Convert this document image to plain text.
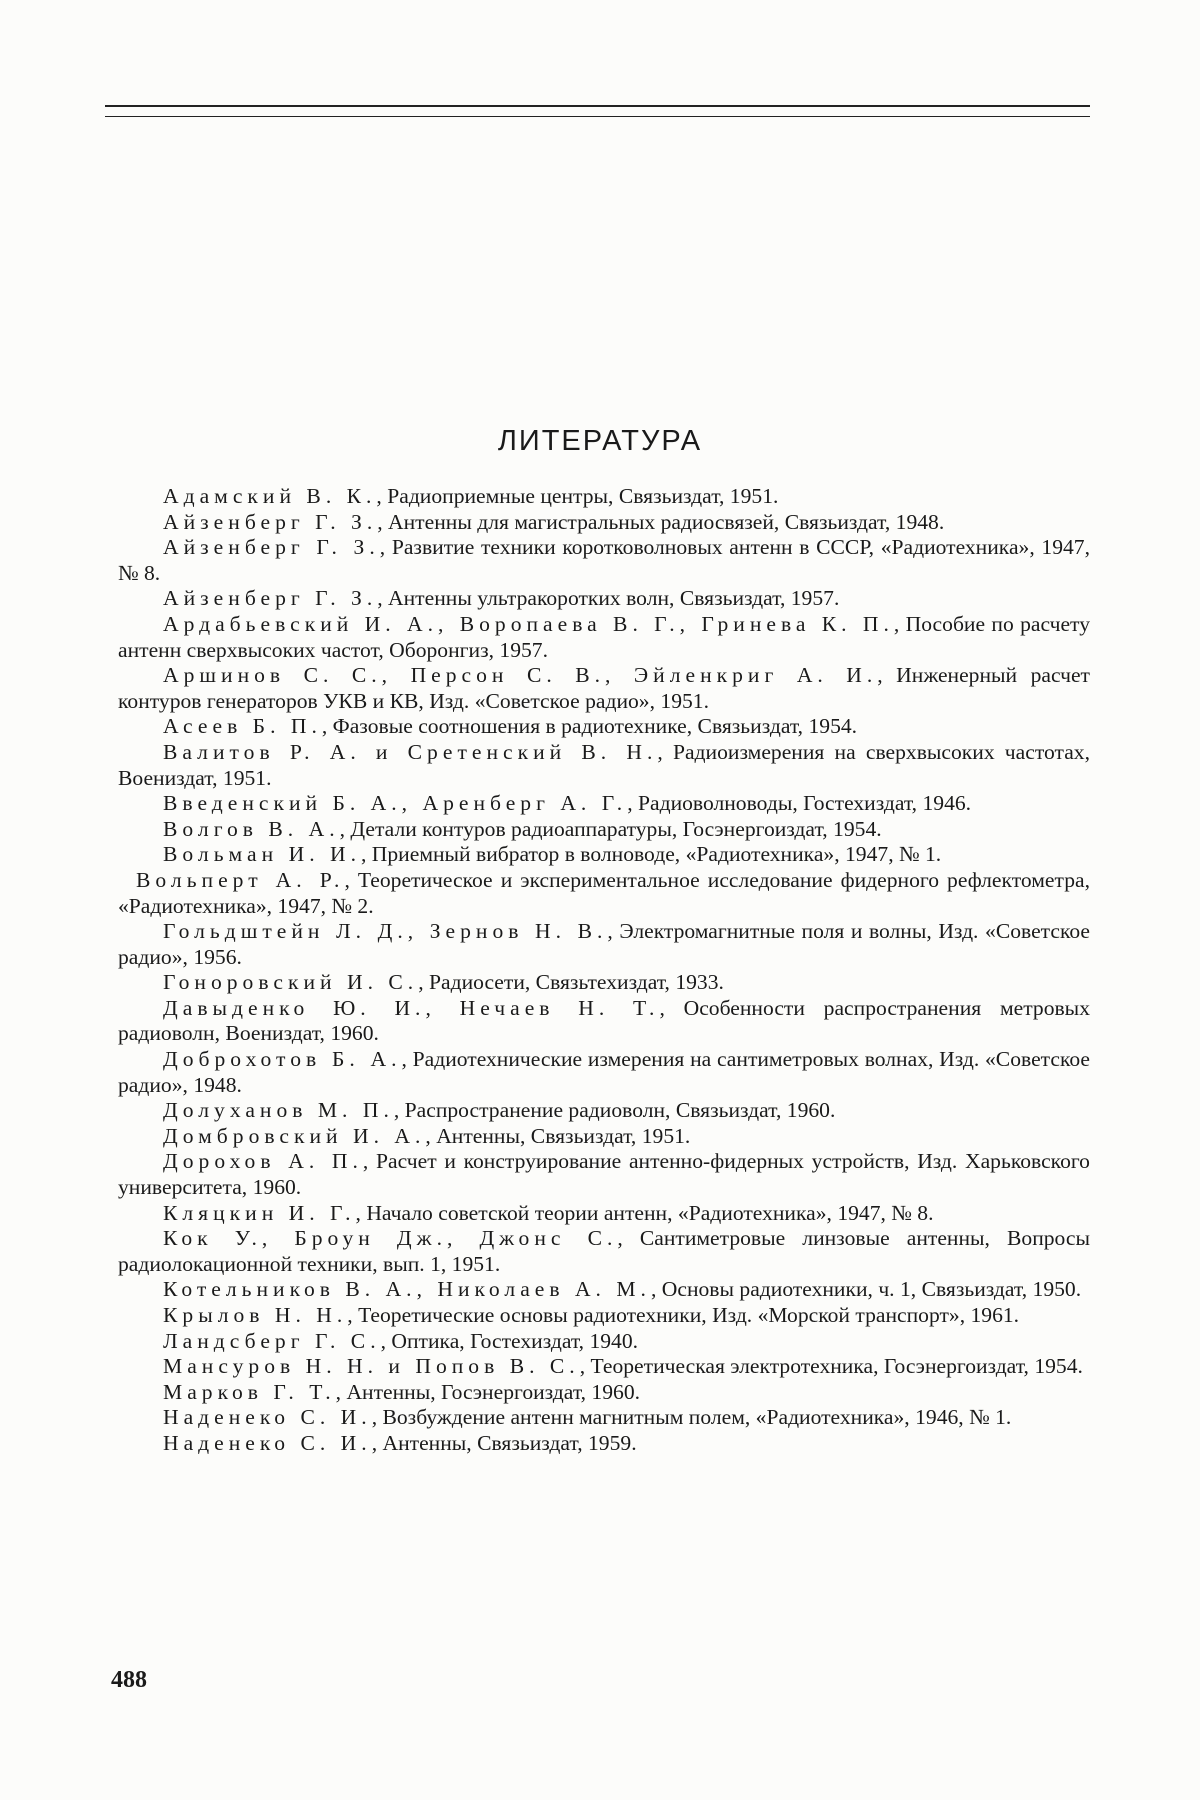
ЛИТЕРАТУРА
Адамский В. К., Радиоприемные центры, Связьиздат, 1951.
Айзенберг Г. З., Антенны для магистральных радиосвязей, Связьиздат, 1948.
Айзенберг Г. З., Развитие техники коротковолновых антенн в СССР, «Радиотехника», 1947, № 8.
Айзенберг Г. З., Антенны ультракоротких волн, Связьиздат, 1957.
Ардабьевский И. А., Воропаева В. Г., Гринева К. П., Пособие по расчету антенн сверхвысоких частот, Оборонгиз, 1957.
Аршинов С. С., Персон С. В., Эйленкриг А. И., Инженерный расчет контуров генераторов УКВ и КВ, Изд. «Советское радио», 1951.
Асеев Б. П., Фазовые соотношения в радиотехнике, Связьиздат, 1954.
Валитов Р. А. и Сретенский В. Н., Радиоизмерения на сверхвысоких частотах, Воениздат, 1951.
Введенский Б. А., Аренберг А. Г., Радиоволноводы, Гостехиздат, 1946.
Волгов В. А., Детали контуров радиоаппаратуры, Госэнергоиздат, 1954.
Вольман И. И., Приемный вибратор в волноводе, «Радиотехника», 1947, № 1.
Вольперт А. Р., Теоретическое и экспериментальное исследование фидерного рефлектометра, «Радиотехника», 1947, № 2.
Гольдштейн Л. Д., Зернов Н. В., Электромагнитные поля и волны, Изд. «Советское радио», 1956.
Гоноровский И. С., Радиосети, Связьтехиздат, 1933.
Давыденко Ю. И., Нечаев Н. Т., Особенности распространения метровых радиоволн, Воениздат, 1960.
Доброхотов Б. А., Радиотехнические измерения на сантиметровых волнах, Изд. «Советское радио», 1948.
Долуханов М. П., Распространение радиоволн, Связьиздат, 1960.
Домбровский И. А., Антенны, Связьиздат, 1951.
Дорохов А. П., Расчет и конструирование антенно-фидерных устройств, Изд. Харьковского университета, 1960.
Кляцкин И. Г., Начало советской теории антенн, «Радиотехника», 1947, № 8.
Кок У., Броун Дж., Джонс С., Сантиметровые линзовые антенны, Вопросы радиолокационной техники, вып. 1, 1951.
Котельников В. А., Николаев А. М., Основы радиотехники, ч. 1, Связьиздат, 1950.
Крылов Н. Н., Теоретические основы радиотехники, Изд. «Морской транспорт», 1961.
Ландсберг Г. С., Оптика, Гостехиздат, 1940.
Мансуров Н. Н. и Попов В. С., Теоретическая электротехника, Госэнергоиздат, 1954.
Марков Г. Т., Антенны, Госэнергоиздат, 1960.
Наденеко С. И., Возбуждение антенн магнитным полем, «Радиотехника», 1946, № 1.
Наденеко С. И., Антенны, Связьиздат, 1959.
488
